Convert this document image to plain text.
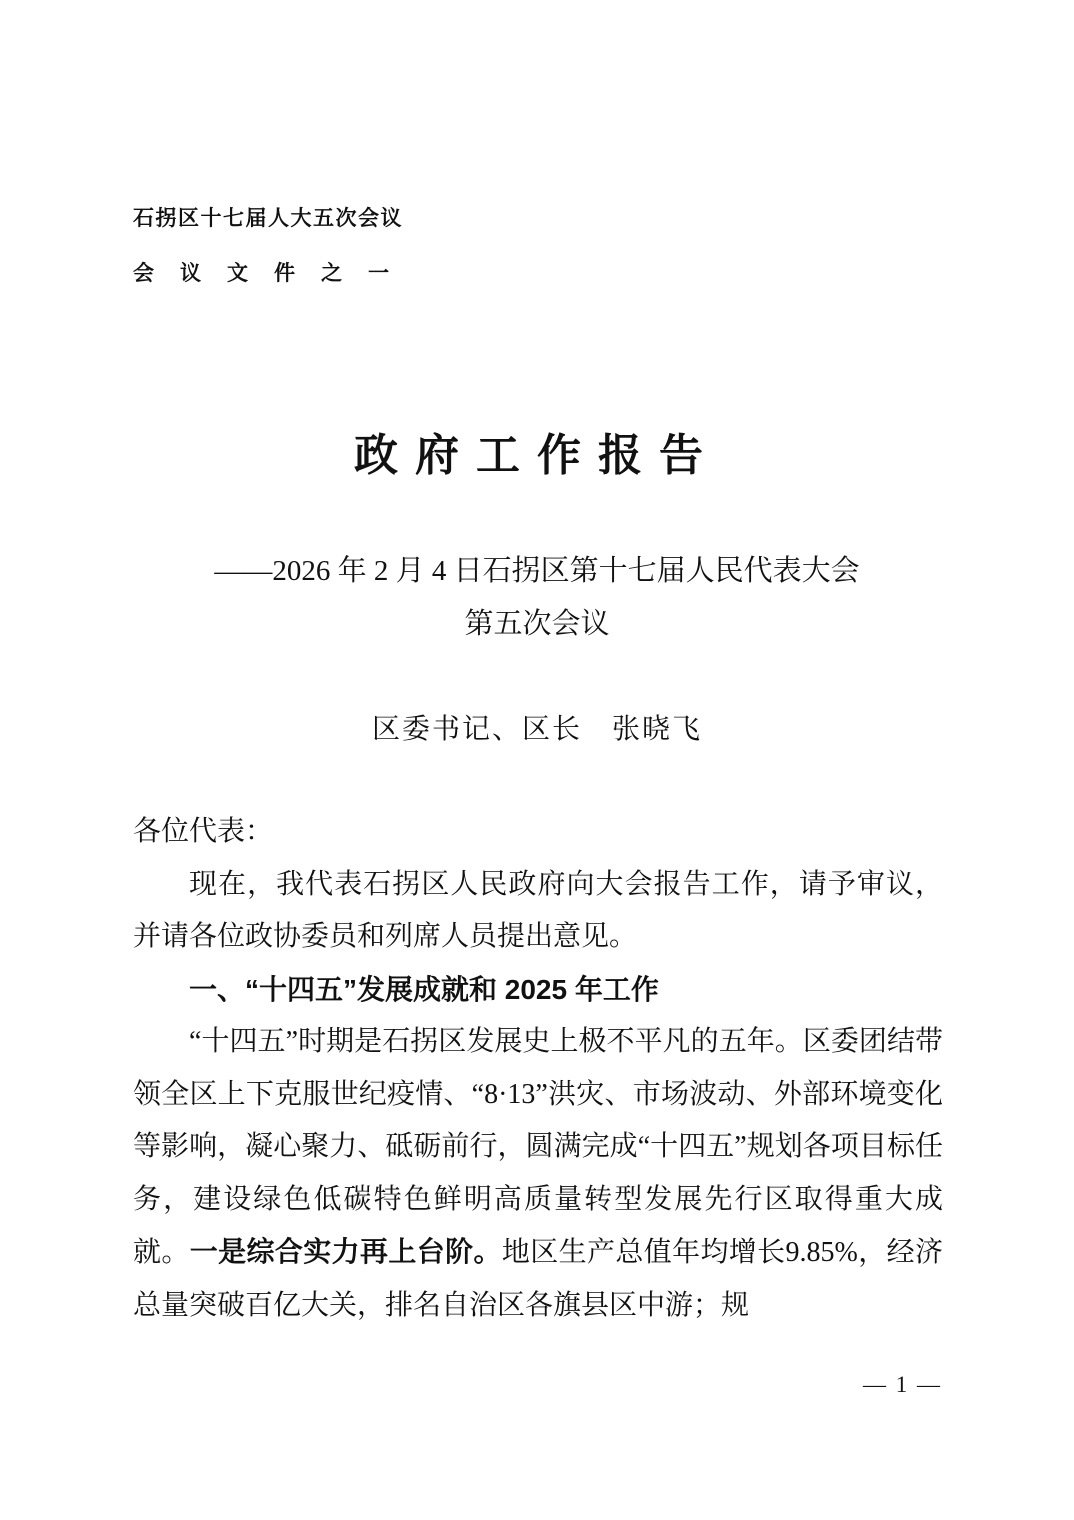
石拐区十七届人大五次会议
会议文件之一
政府工作报告
——2026 年 2 月 4 日石拐区第十七届人民代表大会
第五次会议
区委书记、区长　张晓飞

各位代表：

现在，我代表石拐区人民政府向大会报告工作，请予审议，并请各位政协委员和列席人员提出意见。

一、“十四五”发展成就和 2025 年工作

“十四五”时期是石拐区发展史上极不平凡的五年。区委团结带领全区上下克服世纪疫情、“8·13”洪灾、市场波动、外部环境变化等影响，凝心聚力、砥砺前行，圆满完成“十四五”规划各项目标任务，建设绿色低碳特色鲜明高质量转型发展先行区取得重大成就。一是综合实力再上台阶。地区生产总值年均增长9.85%，经济总量突破百亿大关，排名自治区各旗县区中游；规

— 1 —
